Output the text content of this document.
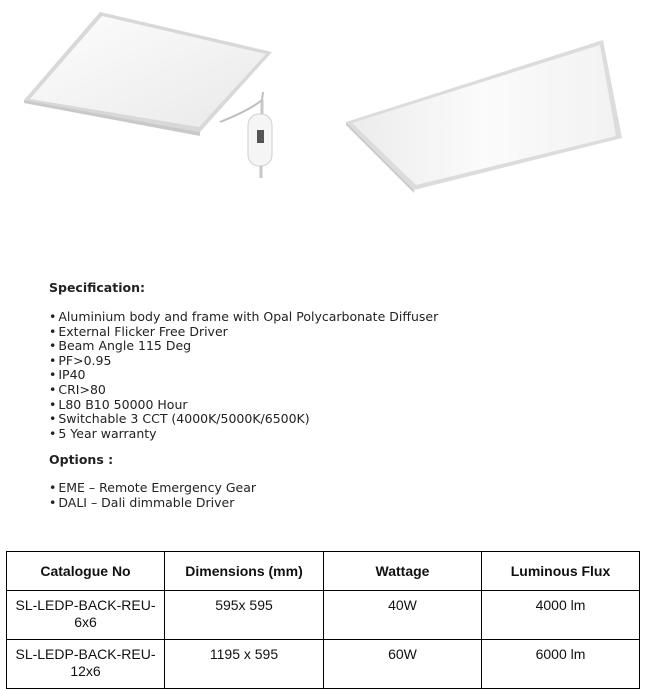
Specification:

• Aluminium body and frame with Opal Polycarbonate Diffuser
• External Flicker Free Driver
• Beam Angle 115 Deg
• PF>0.95
• IP40
• CRI>80
• L80 B10 50000 Hour
• Switchable 3 CCT (4000K/5000K/6500K)
• 5 Year warranty

Options :

• EME – Remote Emergency Gear
• DALI – Dali dimmable Driver
Catalogue No	Dimensions (mm)	Wattage	Luminous Flux
SL-LEDP-BACK-REU-6x6	595x 595	40W	4000 lm
SL-LEDP-BACK-REU-12x6	1195 x 595	60W	6000 lm
